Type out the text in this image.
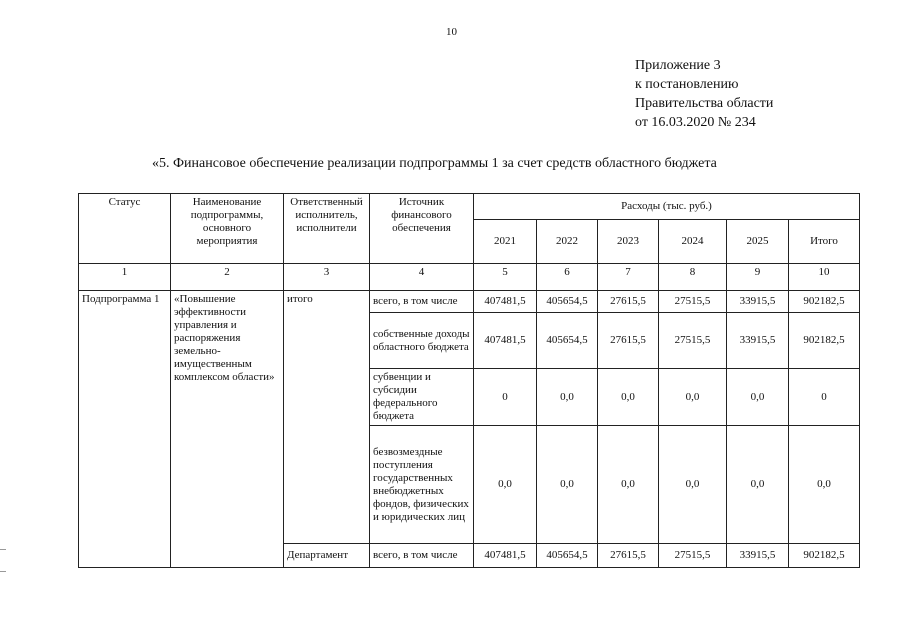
10
Приложение 3
к постановлению
Правительства области
от 16.03.2020 № 234
«5. Финансовое обеспечение реализации подпрограммы 1 за счет средств областного бюджета
Статус	Наименование подпрограммы, основного мероприятия	Ответственный исполнитель, исполнители	Источник финансового обеспечения	Расходы (тыс. руб.)					
				2021	2022	2023	2024	2025	Итого
1	2	3	4	5	6	7	8	9	10
Подпрограмма 1	«Повышение эффективности управления и распоряжения земельно-имущественным комплексом области»	итого	всего, в том числе	407481,5	405654,5	27615,5	27515,5	33915,5	902182,5
			собственные доходы областного бюджета	407481,5	405654,5	27615,5	27515,5	33915,5	902182,5
			субвенции и субсидии федерального бюджета	0	0,0	0,0	0,0	0,0	0
			безвозмездные поступления государственных внебюджетных фондов, физических и юридических лиц	0,0	0,0	0,0	0,0	0,0	0,0
		Департамент	всего, в том числе	407481,5	405654,5	27615,5	27515,5	33915,5	902182,5
